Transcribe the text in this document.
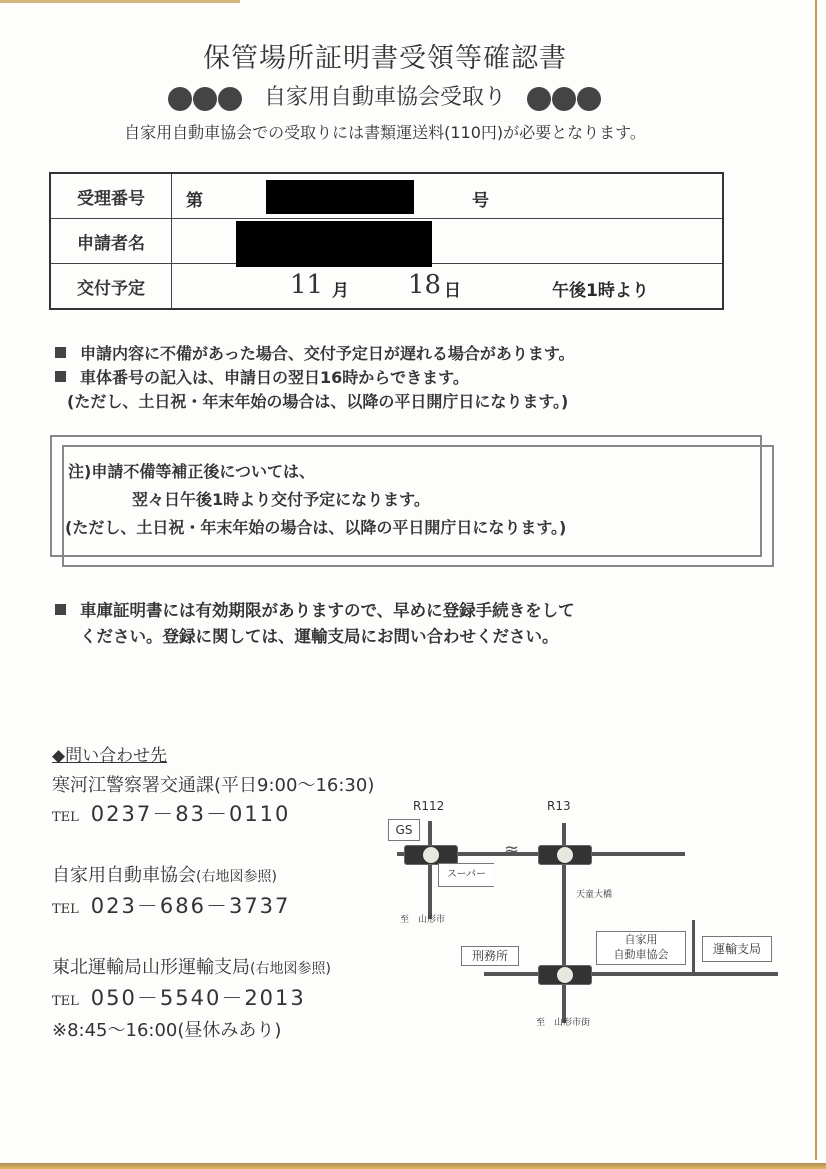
保管場所証明書受領等確認書
自家用自動車協会受取り
自家用自動車協会での受取りには書類運送料(110円)が必要となります。
受理番号	第 号

申請者名	

交付予定	11 月 18 日 午後1時より
申請内容に不備があった場合、交付予定日が遅れる場合があります。
車体番号の記入は、申請日の翌日16時からできます。
(ただし、土日祝・年末年始の場合は、以降の平日開庁日になります。)
注)申請不備等補正後については、
翌々日午後1時より交付予定になります。
(ただし、土日祝・年末年始の場合は、以降の平日開庁日になります。)
車庫証明書には有効期限がありますので、早めに登録手続きをして
ください。登録に関しては、運輸支局にお問い合わせください。
◆問い合わせ先
寒河江警察署交通課(平日9:00～16:30)
TEL 0237－83－0110
自家用自動車協会(右地図参照)
TEL 023－686－3737
東北運輸局山形運輸支局(右地図参照)
TEL 050－5540－2013
※8:45～16:00(昼休みあり)
≈
R112	R13
GS
スーパー
天童大橋
至　山形市
刑務所
自家用
自動車協会	運輸支局
至　山形市街
